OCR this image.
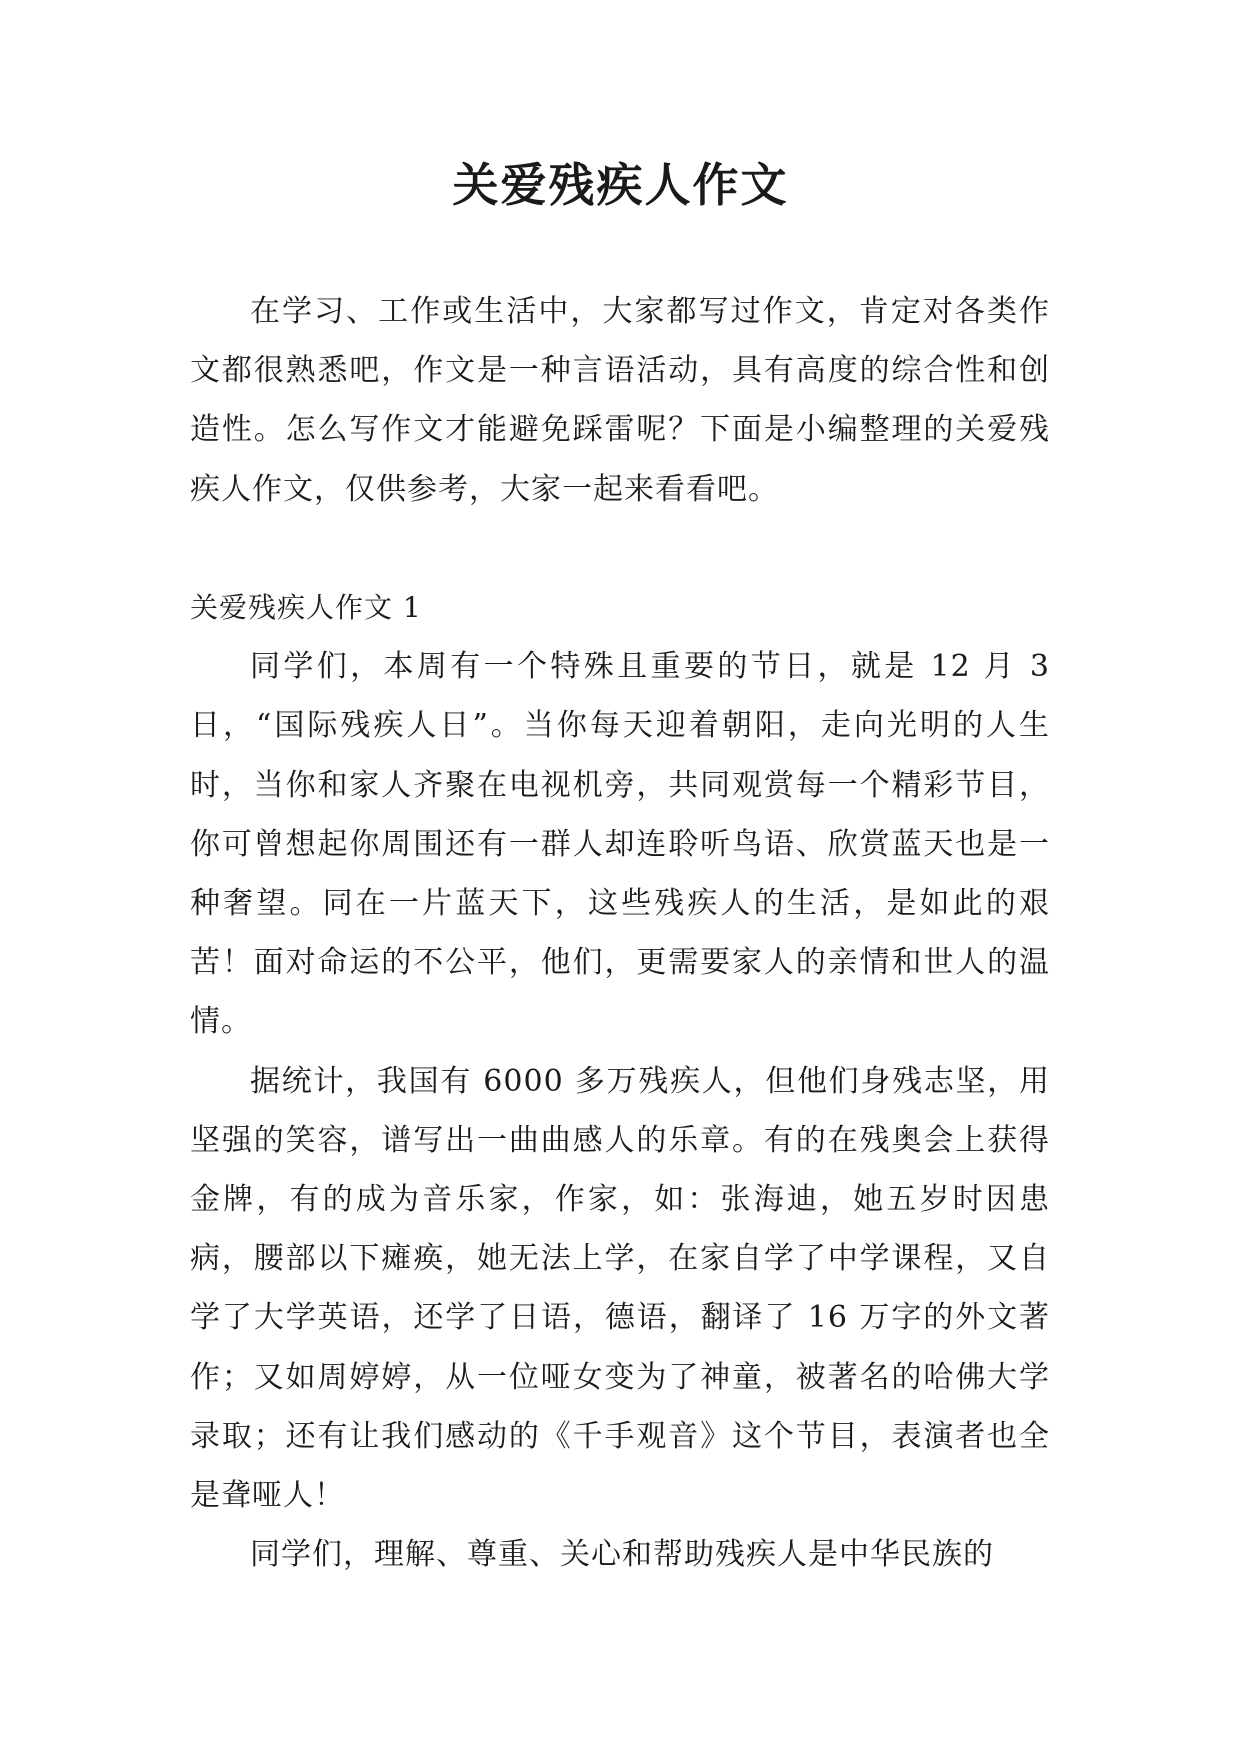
关爱残疾人作文

在学习、工作或生活中，大家都写过作文，肯定对各类作文都很熟悉吧，作文是一种言语活动，具有高度的综合性和创造性。怎么写作文才能避免踩雷呢？下面是小编整理的关爱残疾人作文，仅供参考，大家一起来看看吧。

关爱残疾人作文 1

同学们，本周有一个特殊且重要的节日，就是 12 月 3 日，“国际残疾人日”。当你每天迎着朝阳，走向光明的人生时，当你和家人齐聚在电视机旁，共同观赏每一个精彩节目，你可曾想起你周围还有一群人却连聆听鸟语、欣赏蓝天也是一种奢望。同在一片蓝天下，这些残疾人的生活，是如此的艰苦！面对命运的不公平，他们，更需要家人的亲情和世人的温情。

据统计，我国有 6000 多万残疾人，但他们身残志坚，用坚强的笑容，谱写出一曲曲感人的乐章。有的在残奥会上获得金牌，有的成为音乐家，作家，如：张海迪，她五岁时因患病，腰部以下瘫痪，她无法上学，在家自学了中学课程，又自学了大学英语，还学了日语，德语，翻译了 16 万字的外文著作；又如周婷婷，从一位哑女变为了神童，被著名的哈佛大学录取；还有让我们感动的《千手观音》这个节目，表演者也全是聋哑人！

同学们，理解、尊重、关心和帮助残疾人是中华民族的
